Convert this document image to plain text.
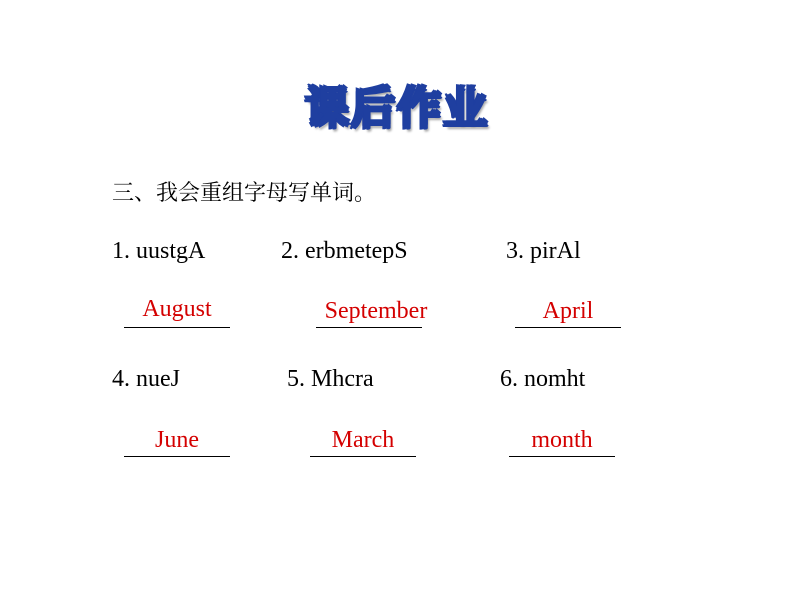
课后作业
三、我会重组字母写单词。
1. uustgA	2. erbmetepS	3. pirAl
August	September	April
4. nueJ	5. Mhcra	6. nomht
June	March	month
